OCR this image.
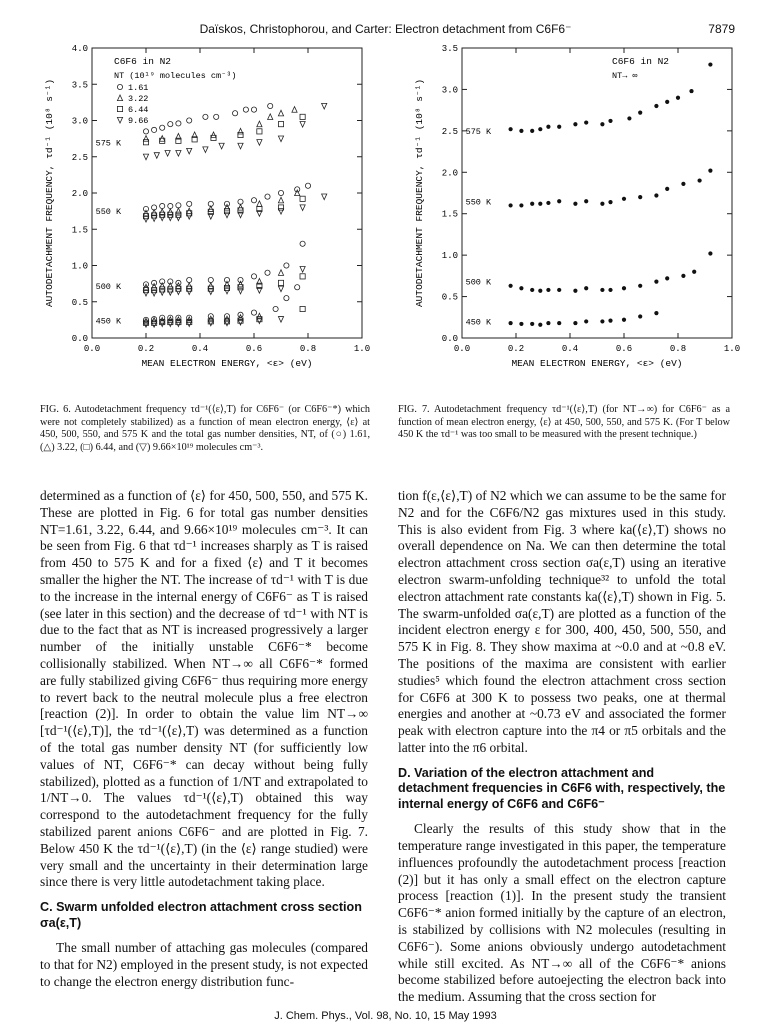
Daïskos, Christophorou, and Carter: Electron detachment from C6F6⁻	7879
0.0	0.2	0.4	0.6	0.8	1.0
0.0
0.5
1.0
1.5
2.0
2.5
3.0
3.5
4.0
MEAN ELECTRON ENERGY, <ε> (eV)
AUTODETACHMENT FREQUENCY, τd⁻¹ (10⁸ s⁻¹)
C6F6 in N2
NT (10¹⁹ molecules cm⁻³)
1.61
3.22
6.44
9.66
575 K
550 K
500 K
450 K
0.0	0.2	0.4	0.6	0.8	1.0
0.0
0.5
1.0
1.5
2.0
2.5
3.0
3.5
MEAN ELECTRON ENERGY, <ε> (eV)
AUTODETACHMENT FREQUENCY, τd⁻¹ (10⁸ s⁻¹)
C6F6 in N2
NT→ ∞
575 K
550 K
500 K
450 K
FIG. 6. Autodetachment frequency τd⁻¹(⟨ε⟩,T) for C6F6⁻ (or C6F6⁻*) which were not completely stabilized) as a function of mean electron energy, ⟨ε⟩ at 450, 500, 550, and 575 K and the total gas number densities, NT, of (○) 1.61, (△) 3.22, (□) 6.44, and (▽) 9.66×10¹⁹ molecules cm⁻³.
FIG. 7. Autodetachment frequency τd⁻¹(⟨ε⟩,T) (for NT→∞) for C6F6⁻ as a function of mean electron energy, ⟨ε⟩ at 450, 500, 550, and 575 K. (For T below 450 K the τd⁻¹ was too small to be measured with the present technique.)

determined as a function of ⟨ε⟩ for 450, 500, 550, and 575 K. These are plotted in Fig. 6 for total gas number densities NT=1.61, 3.22, 6.44, and 9.66×10¹⁹ molecules cm⁻³. It can be seen from Fig. 6 that τd⁻¹ increases sharply as T is raised from 450 to 575 K and for a fixed ⟨ε⟩ and T it becomes smaller the higher the NT. The increase of τd⁻¹ with T is due to the increase in the internal energy of C6F6⁻ as T is raised (see later in this section) and the decrease of τd⁻¹ with NT is due to the fact that as NT is increased progressively a larger number of the initially unstable C6F6⁻* become collisionally stabilized. When NT→∞ all C6F6⁻* formed are fully stabilized giving C6F6⁻ thus requiring more energy to revert back to the neutral molecule plus a free electron [reaction (2)]. In order to obtain the value lim NT→∞ [τd⁻¹(⟨ε⟩,T)], the τd⁻¹(⟨ε⟩,T) was determined as a function of the total gas number density NT (for sufficiently low values of NT, C6F6⁻* can decay without being fully stabilized), plotted as a function of 1/NT and extrapolated to 1/NT→0. The values τd⁻¹(⟨ε⟩,T) obtained this way correspond to the autodetachment frequency for the fully stabilized parent anions C6F6⁻ and are plotted in Fig. 7. Below 450 K the τd⁻¹(⟨ε⟩,T) (in the ⟨ε⟩ range studied) were very small and the uncertainty in their determination large since there is very little autodetachment taking place.

C. Swarm unfolded electron attachment cross section σa(ε,T)

The small number of attaching gas molecules (compared to that for N2) employed in the present study, is not expected to change the electron energy distribution func-

tion f(ε,⟨ε⟩,T) of N2 which we can assume to be the same for N2 and for the C6F6/N2 gas mixtures used in this study. This is also evident from Fig. 3 where ka(⟨ε⟩,T) shows no overall dependence on Na. We can then determine the total electron attachment cross section σa(ε,T) using an iterative electron swarm-unfolding technique³² to unfold the total electron attachment rate constants ka(⟨ε⟩,T) shown in Fig. 5. The swarm-unfolded σa(ε,T) are plotted as a function of the incident electron energy ε for 300, 400, 450, 500, 550, and 575 K in Fig. 8. They show maxima at ~0.0 and at ~0.8 eV. The positions of the maxima are consistent with earlier studies⁵ which found the electron attachment cross section for C6F6 at 300 K to possess two peaks, one at thermal energies and another at ~0.73 eV and associated the former peak with electron capture into the π4 or π5 orbitals and the latter into the π6 orbital.

D. Variation of the electron attachment and detachment frequencies in C6F6 with, respectively, the internal energy of C6F6 and C6F6⁻

Clearly the results of this study show that in the temperature range investigated in this paper, the temperature influences profoundly the autodetachment process [reaction (2)] but it has only a small effect on the electron capture process [reaction (1)]. In the present study the transient C6F6⁻* anion formed initially by the capture of an electron, is stabilized by collisions with N2 molecules (resulting in C6F6⁻). Some anions obviously undergo autodetachment while still excited. As NT→∞ all of the C6F6⁻* anions become stabilized before autoejecting the electron back into the medium. Assuming that the cross section for

J. Chem. Phys., Vol. 98, No. 10, 15 May 1993
